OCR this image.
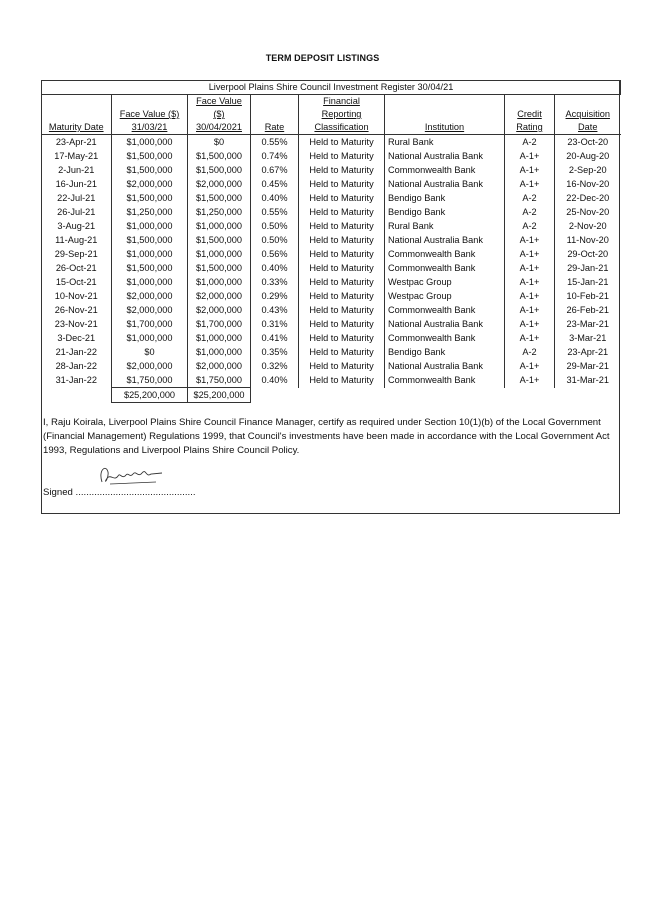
TERM DEPOSIT LISTINGS
Liverpool Plains Shire Council Investment Register 30/04/21							
		Face Value		Financial			
	Face Value ($)	($)		Reporting		Credit	Acquisition
Maturity Date	31/03/21	30/04/2021	Rate	Classification	Institution	Rating	Date
23-Apr-21	$1,000,000	$0	0.55%	Held to Maturity	Rural Bank	A-2	23-Oct-20
17-May-21	$1,500,000	$1,500,000	0.74%	Held to Maturity	National Australia Bank	A-1+	20-Aug-20
2-Jun-21	$1,500,000	$1,500,000	0.67%	Held to Maturity	Commonwealth Bank	A-1+	2-Sep-20
16-Jun-21	$2,000,000	$2,000,000	0.45%	Held to Maturity	National Australia Bank	A-1+	16-Nov-20
22-Jul-21	$1,500,000	$1,500,000	0.40%	Held to Maturity	Bendigo Bank	A-2	22-Dec-20
26-Jul-21	$1,250,000	$1,250,000	0.55%	Held to Maturity	Bendigo Bank	A-2	25-Nov-20
3-Aug-21	$1,000,000	$1,000,000	0.50%	Held to Maturity	Rural Bank	A-2	2-Nov-20
11-Aug-21	$1,500,000	$1,500,000	0.50%	Held to Maturity	National Australia Bank	A-1+	11-Nov-20
29-Sep-21	$1,000,000	$1,000,000	0.56%	Held to Maturity	Commonwealth Bank	A-1+	29-Oct-20
26-Oct-21	$1,500,000	$1,500,000	0.40%	Held to Maturity	Commonwealth Bank	A-1+	29-Jan-21
15-Oct-21	$1,000,000	$1,000,000	0.33%	Held to Maturity	Westpac Group	A-1+	15-Jan-21
10-Nov-21	$2,000,000	$2,000,000	0.29%	Held to Maturity	Westpac Group	A-1+	10-Feb-21
26-Nov-21	$2,000,000	$2,000,000	0.43%	Held to Maturity	Commonwealth Bank	A-1+	26-Feb-21
23-Nov-21	$1,700,000	$1,700,000	0.31%	Held to Maturity	National Australia Bank	A-1+	23-Mar-21
3-Dec-21	$1,000,000	$1,000,000	0.41%	Held to Maturity	Commonwealth Bank	A-1+	3-Mar-21
21-Jan-22	$0	$1,000,000	0.35%	Held to Maturity	Bendigo Bank	A-2	23-Apr-21
28-Jan-22	$2,000,000	$2,000,000	0.32%	Held to Maturity	National Australia Bank	A-1+	29-Mar-21
31-Jan-22	$1,750,000	$1,750,000	0.40%	Held to Maturity	Commonwealth Bank	A-1+	31-Mar-21
	$25,200,000	$25,200,000					
I, Raju Koirala, Liverpool Plains Shire Council Finance Manager, certify as required under Section 10(1)(b) of the Local Government (Financial Management) Regulations 1999, that Council's investments have been made in accordance with the Local Government Act 1993, Regulations and Liverpool Plains Shire Council Policy.
Signed .............................................
